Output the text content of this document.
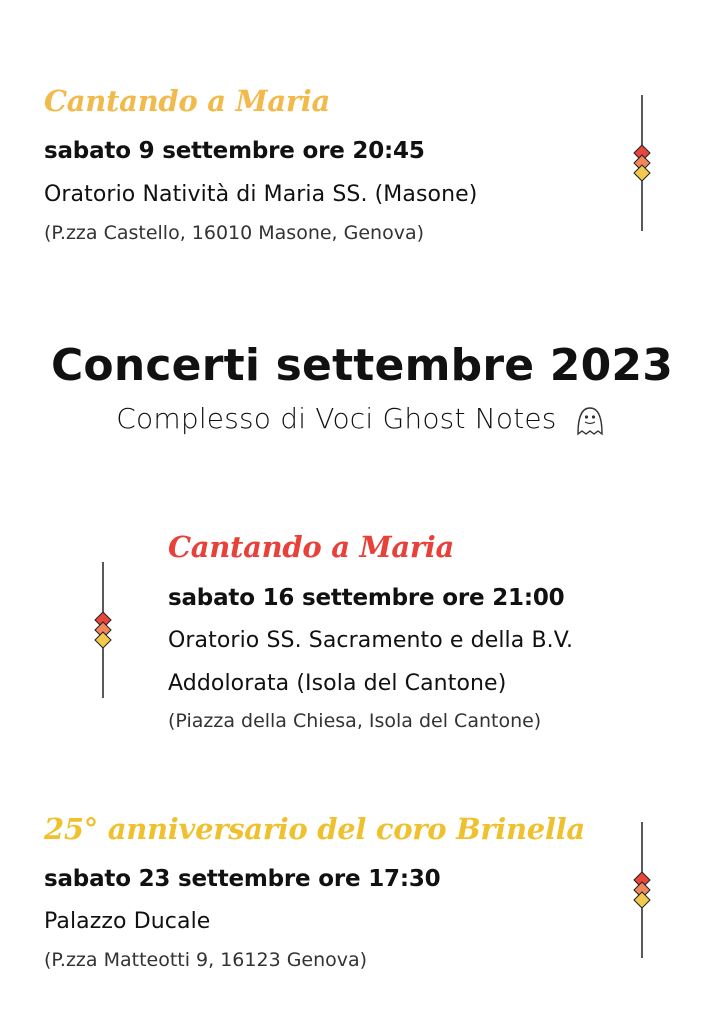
Cantando a Maria
sabato 9 settembre ore 20:45
Oratorio Natività di Maria SS. (Masone)
(P.zza Castello, 16010 Masone, Genova)
Concerti settembre 2023
Complesso di Voci Ghost Notes
Cantando a Maria
sabato 16 settembre ore 21:00
Oratorio SS. Sacramento e della B.V.
Addolorata (Isola del Cantone)
(Piazza della Chiesa, Isola del Cantone)
25° anniversario del coro Brinella
sabato 23 settembre ore 17:30
Palazzo Ducale
(P.zza Matteotti 9, 16123 Genova)
